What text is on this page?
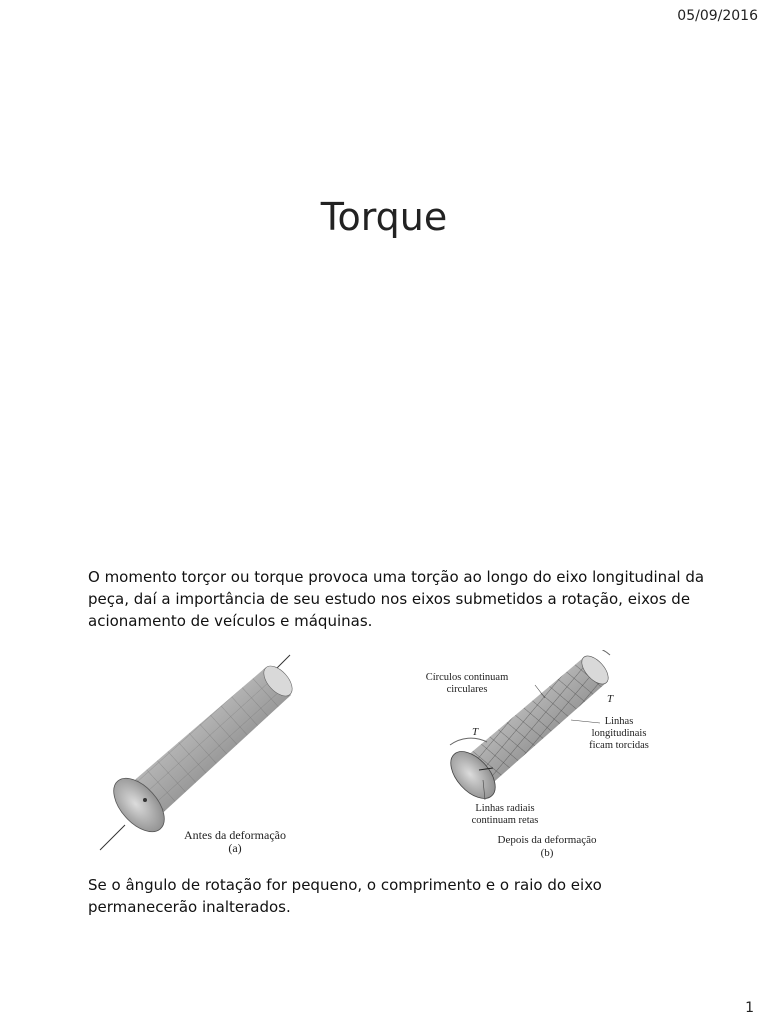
05/09/2016
Torque

O momento torçor ou torque provoca uma torção ao longo do eixo longitudinal da peça, daí a importância de seu estudo nos eixos submetidos a rotação, eixos de acionamento de veículos e máquinas.

Antes da deformação
(a)
Círculos continuam
circulares
T
T
Linhas
longitudinais
ficam torcidas
Linhas radiais
continuam retas
Depois da deformação
(b)

Se o ângulo de rotação for pequeno, o comprimento e o raio do eixo permanecerão inalterados.

1
